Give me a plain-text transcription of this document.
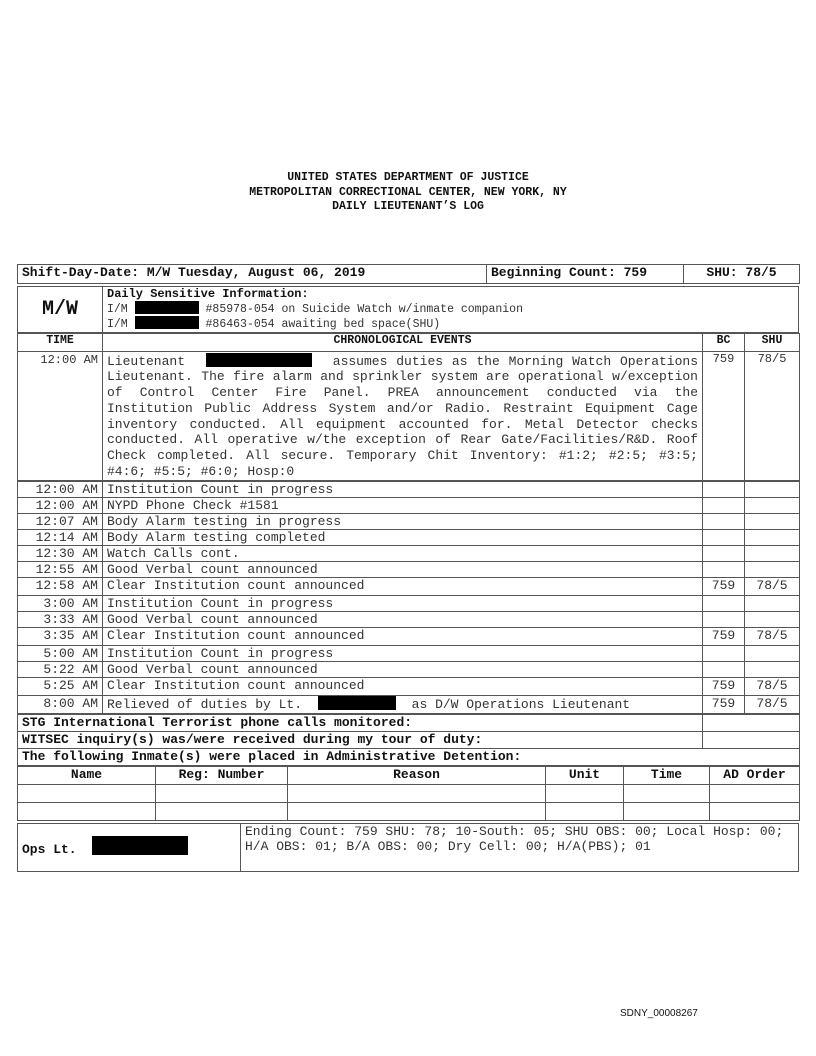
UNITED STATES DEPARTMENT OF JUSTICE
METROPOLITAN CORRECTIONAL CENTER, NEW YORK, NY
DAILY LIEUTENANT’S LOG
Shift-Day-Date: M/W Tuesday, August 06, 2019	Beginning Count: 759	SHU: 78/5
M/W	
Daily Sensitive Information:
I/M	#85978-054 on Suicide Watch w/inmate companion
I/M	#86463-054 awaiting bed space(SHU)
TIME	CHRONOLOGICAL EVENTS	BC	SHU
12:00 AM	Lieutenant assumes duties as the Morning Watch Operations Lieutenant. The fire alarm and sprinkler system are operational w/exception of Control Center Fire Panel. PREA announcement conducted via the Institution Public Address System and/or Radio. Restraint Equipment Cage inventory conducted. All equipment accounted for. Metal Detector checks conducted. All operative w/the exception of Rear Gate/Facilities/R&D. Roof Check completed. All secure. Temporary Chit Inventory: #1:2; #2:5; #3:5; #4:6; #5:5; #6:0; Hosp:0	759	78/5
12:00 AM	Institution Count in progress		
12:00 AM	NYPD Phone Check #1581		
12:07 AM	Body Alarm testing in progress		
12:14 AM	Body Alarm testing completed		
12:30 AM	Watch Calls cont.		
12:55 AM	Good Verbal count announced		
12:58 AM	Clear Institution count announced	759	78/5
3:00 AM	Institution Count in progress		
3:33 AM	Good Verbal count announced		
3:35 AM	Clear Institution count announced	759	78/5
5:00 AM	Institution Count in progress		
5:22 AM	Good Verbal count announced		
5:25 AM	Clear Institution count announced	759	78/5
8:00 AM	Relieved of duties by Lt. as D/W Operations Lieutenant	759	78/5
STG International Terrorist phone calls monitored:	
WITSEC inquiry(s) was/were received during my tour of duty:	
The following Inmate(s) were placed in Administrative Detention:	
Name	Reg: Number	Reason	Unit	Time	AD Order

Ops Lt.	Ending Count: 759 SHU: 78; 10-South: 05; SHU OBS: 00; Local Hosp: 00; H/A OBS: 01; B/A OBS: 00; Dry Cell: 00; H/A(PBS); 01
SDNY_00008267
